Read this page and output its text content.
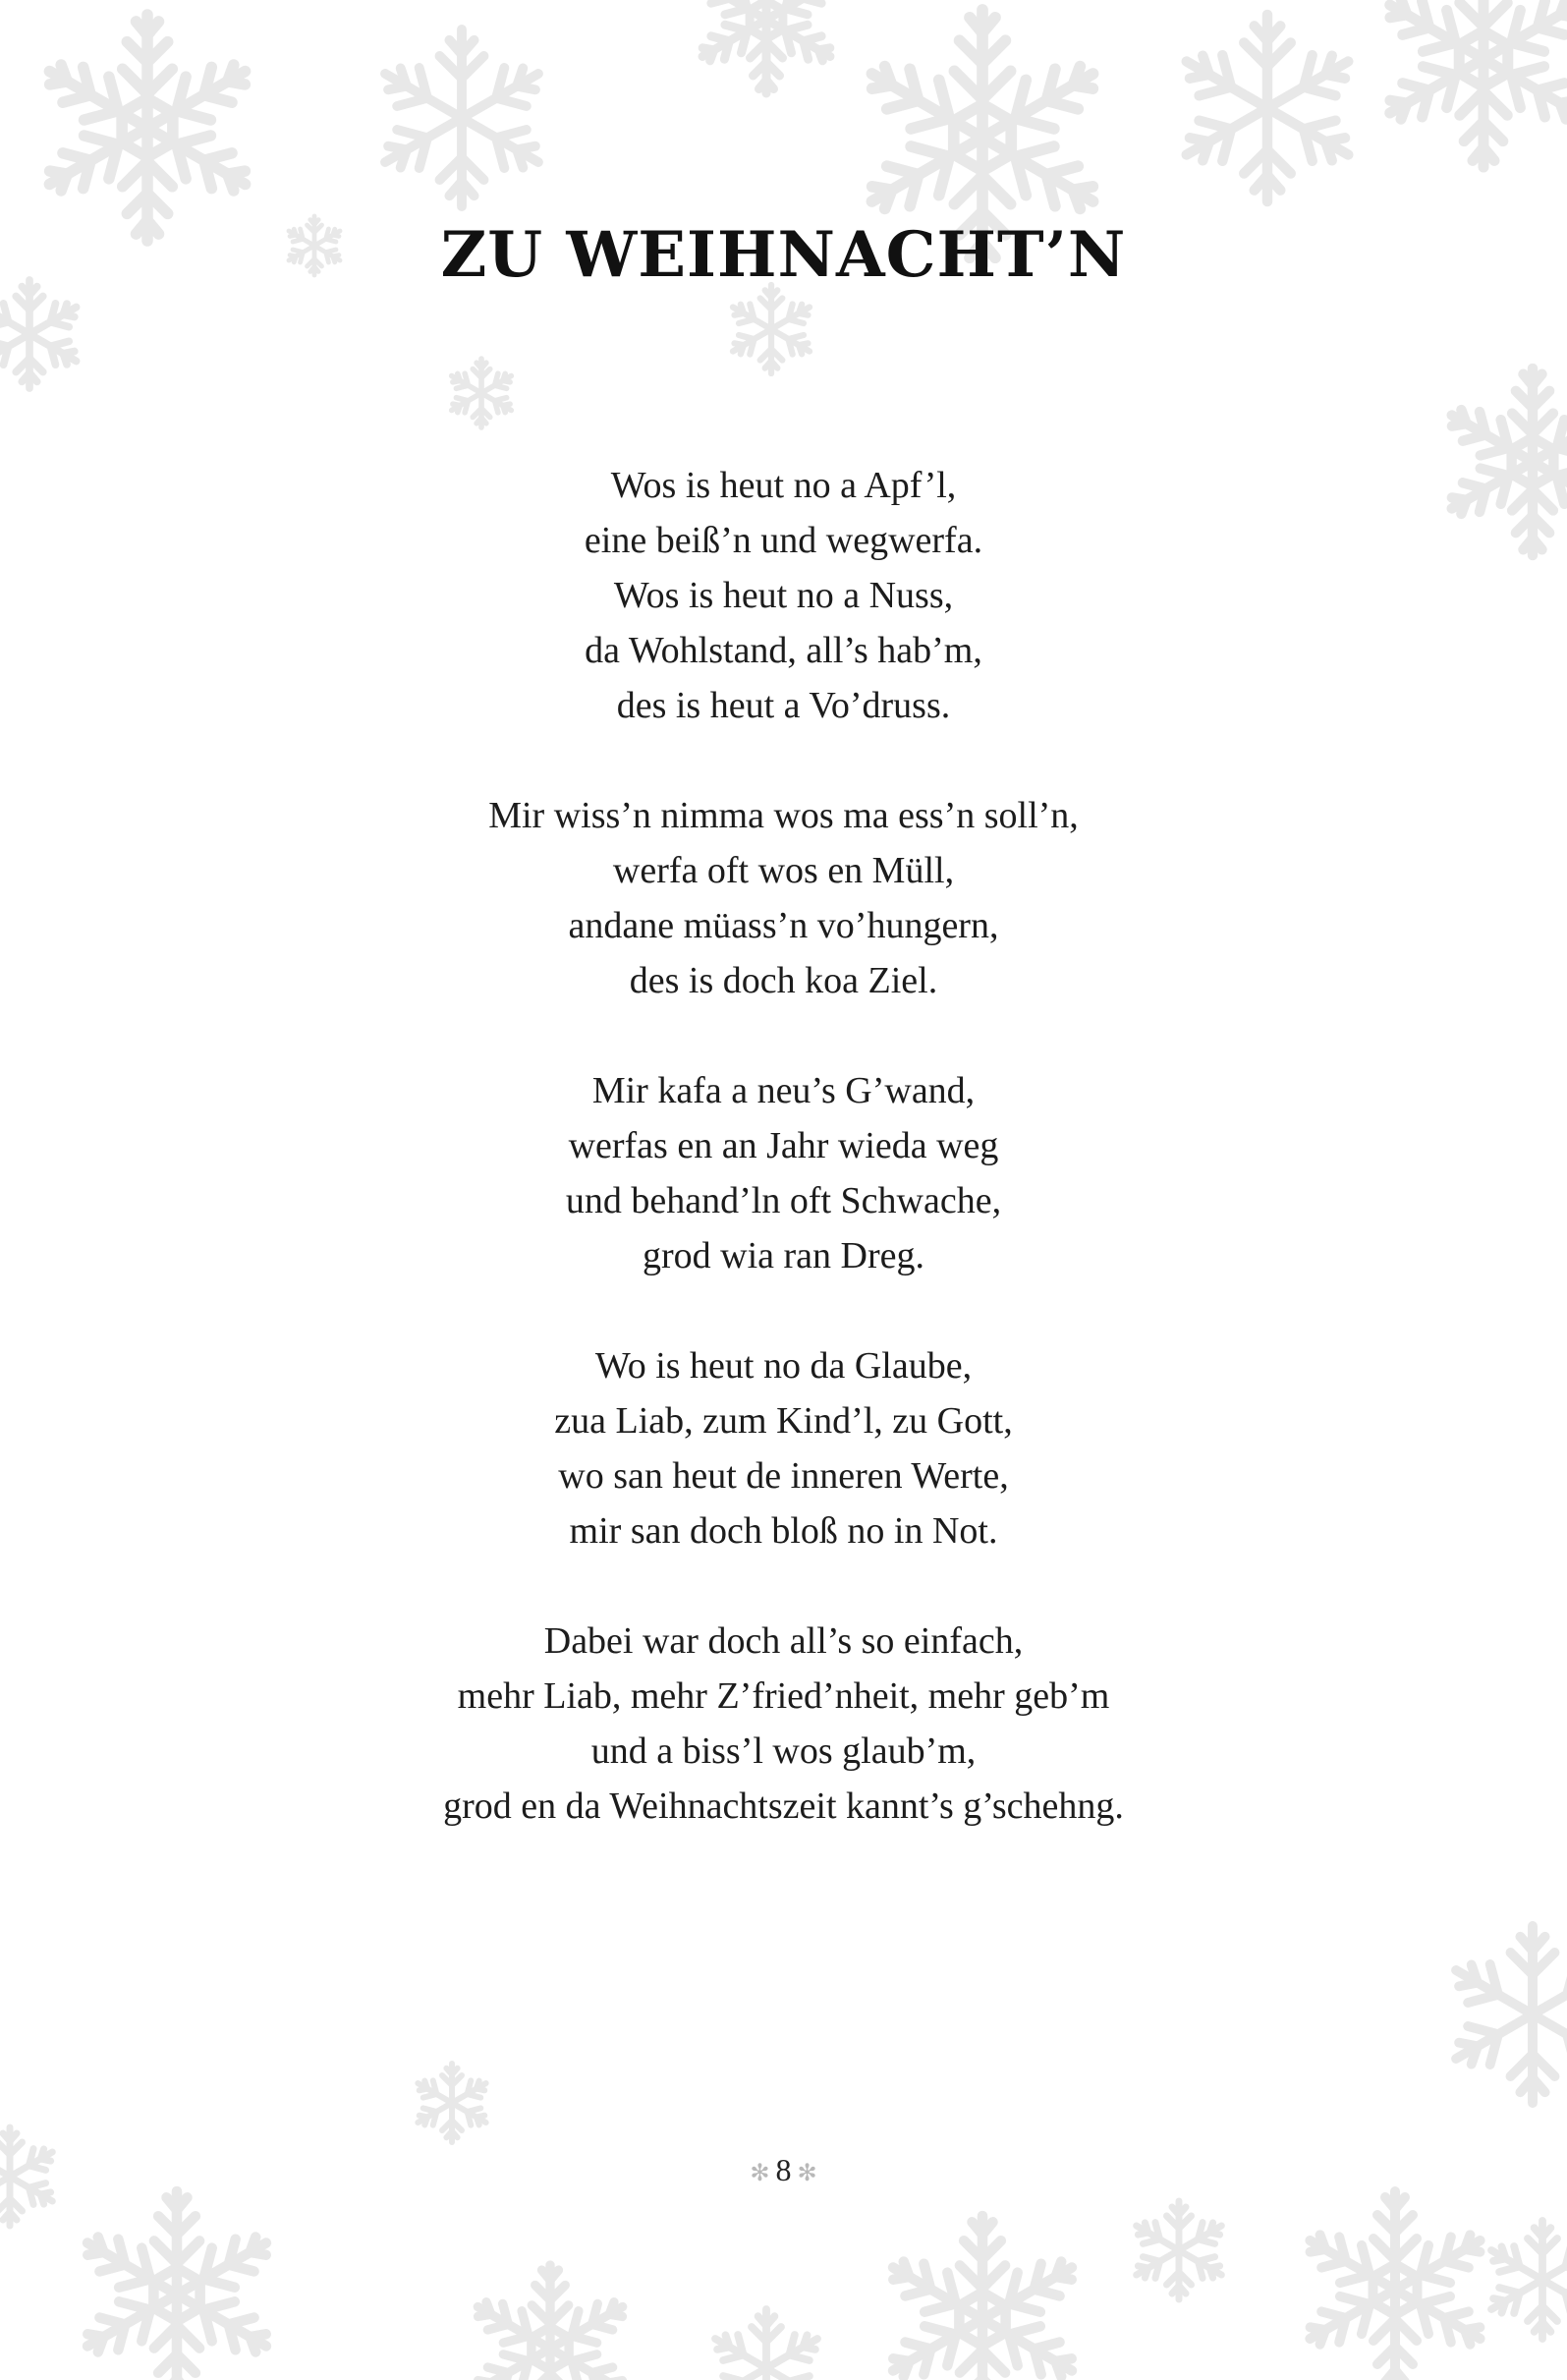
ZU WEIHNACHT’N
Wos is heut no a Apf’l,
eine beiß’n und wegwerfa.
Wos is heut no a Nuss,
da Wohlstand, all’s hab’m,
des is heut a Vo’druss.
Mir wiss’n nimma wos ma ess’n soll’n,
werfa oft wos en Müll,
andane müass’n vo’hungern,
des is doch koa Ziel.
Mir kafa a neu’s G’wand,
werfas en an Jahr wieda weg
und behand’ln oft Schwache,
grod wia ran Dreg.
Wo is heut no da Glaube,
zua Liab, zum Kind’l, zu Gott,
wo san heut de inneren Werte,
mir san doch bloß no in Not.
Dabei war doch all’s so einfach,
mehr Liab, mehr Z’fried’nheit, mehr geb’m
und a biss’l wos glaub’m,
grod en da Weihnachtszeit kannt’s g’schehng.
✻ 8 ✻
